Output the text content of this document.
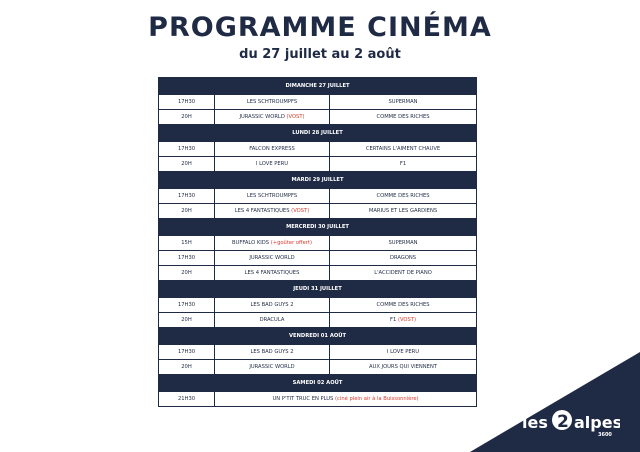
PROGRAMME CINÉMA
du 27 juillet au 2 août
DIMANCHE 27 JUILLET		
17H30	LES SCHTROUMPFS	SUPERMAN
20H	JURASSIC WORLD (VOST)	COMME DES RICHES
LUNDI 28 JUILLET		
17H30	FALCON EXPRESS	CERTAINS L'AIMENT CHAUVE
20H	I LOVE PERU	F1
MARDI 29 JUILLET		
17H30	LES SCHTROUMPFS	COMME DES RICHES
20H	LES 4 FANTASTIQUES (VOST)	MARIUS ET LES GARDIENS
MERCREDI 30 JUILLET		
15H	BUFFALO KIDS (+goûter offert)	SUPERMAN
17H30	JURASSIC WORLD	DRAGONS
20H	LES 4 FANTASTIQUES	L'ACCIDENT DE PIANO
JEUDI 31 JUILLET		
17H30	LES BAD GUYS 2	COMME DES RICHES
20H	DRACULA	F1 (VOST)
VENDREDI 01 AOÛT		
17H30	LES BAD GUYS 2	I LOVE PERU
20H	JURASSIC WORLD	AUX JOURS QUI VIENNENT
SAMEDI 02 AOÛT		
21H30	UN P'TIT TRUC EN PLUS (ciné plein air à la Buissonnière)	
les 2 alpes
3600
